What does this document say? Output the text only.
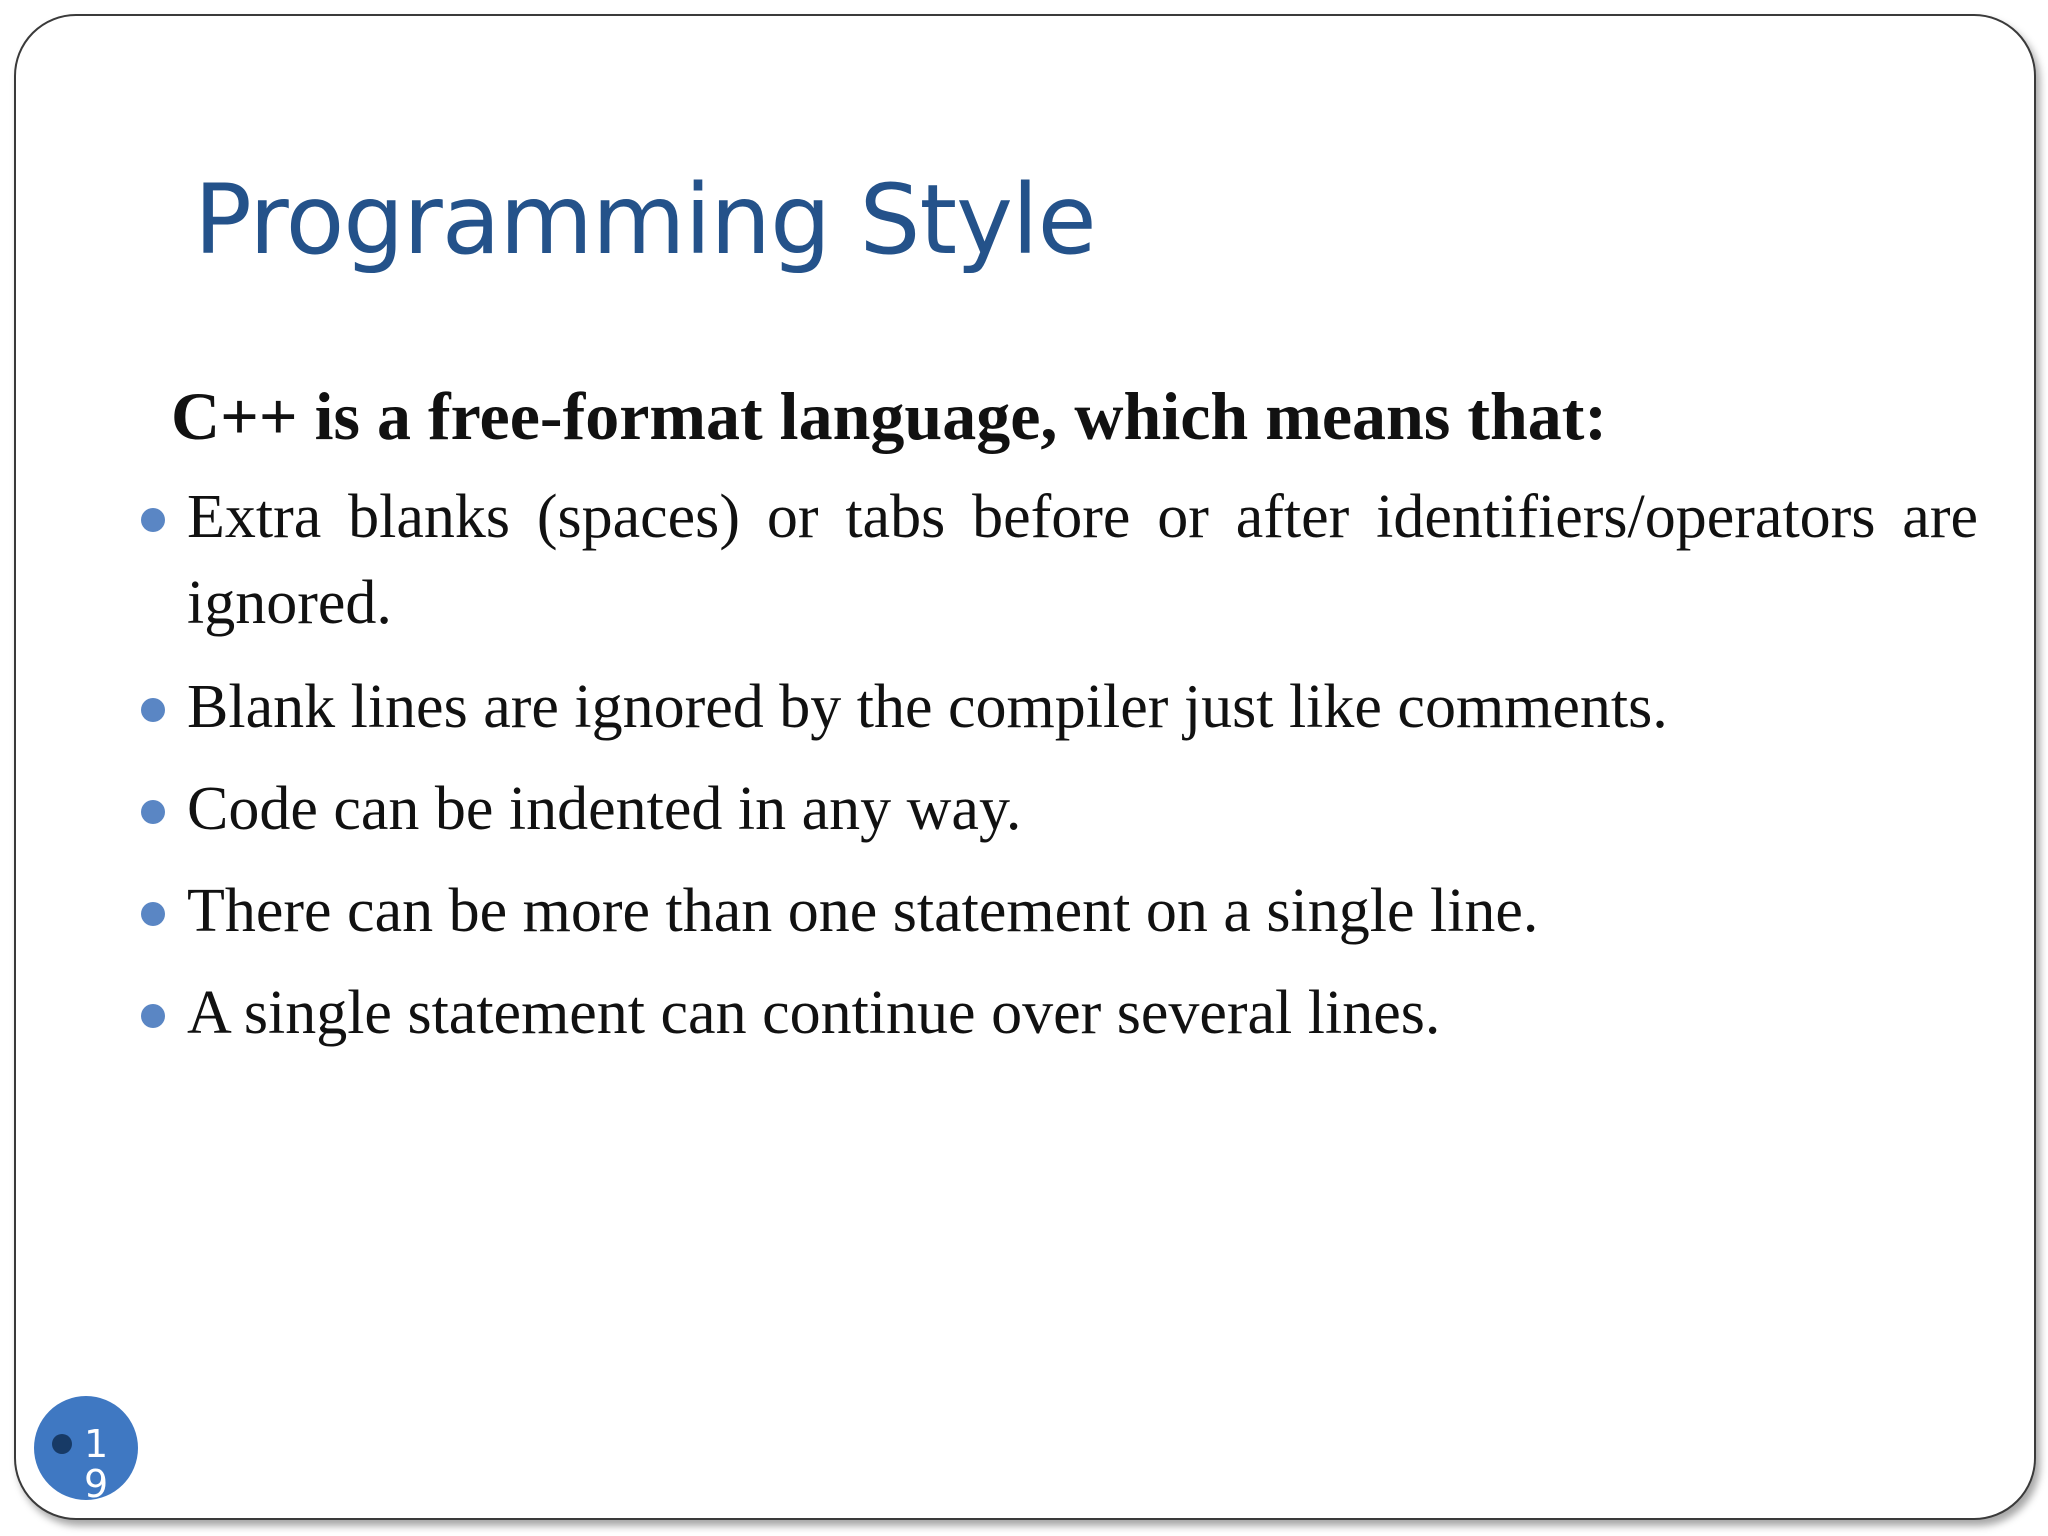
Programming Style

C++ is a free-format language, which means that:

Extra blanks (spaces) or tabs before or after identifiers/operators are ignored.
Blank lines are ignored by the compiler just like comments.
Code can be indented in any way.
There can be more than one statement on a single line.
A single statement can continue over several lines.
19
